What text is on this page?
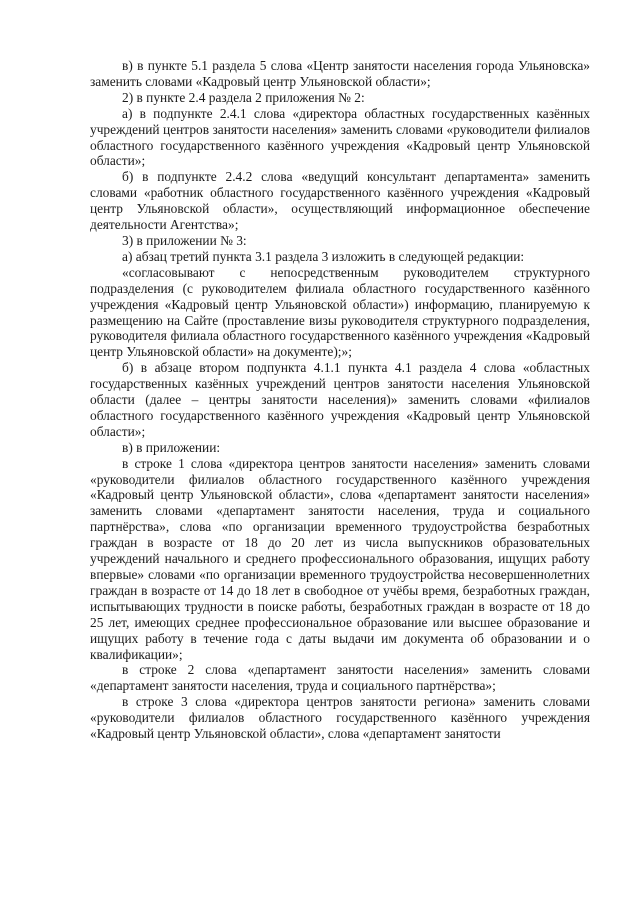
в) в пункте 5.1 раздела 5 слова «Центр занятости населения города Ульяновска» заменить словами «Кадровый центр Ульяновской области»;

2) в пункте 2.4 раздела 2 приложения № 2:

а) в подпункте 2.4.1 слова «директора областных государственных казённых учреждений центров занятости населения» заменить словами «руководители филиалов областного государственного казённого учреждения «Кадровый центр Ульяновской области»;

б) в подпункте 2.4.2 слова «ведущий консультант департамента» заменить словами «работник областного государственного казённого учреждения «Кадровый центр Ульяновской области», осуществляющий информационное обеспечение деятельности Агентства»;

3) в приложении № 3:

а) абзац третий пункта 3.1 раздела 3 изложить в следующей редакции:

«согласовывают с непосредственным руководителем структурного подразделения (с руководителем филиала областного государственного казённого учреждения «Кадровый центр Ульяновской области») информацию, планируемую к размещению на Сайте (проставление визы руководителя структурного подразделения, руководителя филиала областного государственного казённого учреждения «Кадровый центр Ульяновской области» на документе);»;

б) в абзаце втором подпункта 4.1.1 пункта 4.1 раздела 4 слова «областных государственных казённых учреждений центров занятости населения Ульяновской области (далее – центры занятости населения)» заменить словами «филиалов областного государственного казённого учреждения «Кадровый центр Ульяновской области»;

в) в приложении:

в строке 1 слова «директора центров занятости населения» заменить словами «руководители филиалов областного государственного казённого учреждения «Кадровый центр Ульяновской области», слова «департамент занятости населения» заменить словами «департамент занятости населения, труда и социального партнёрства», слова «по организации временного трудоустройства безработных граждан в возрасте от 18 до 20 лет из числа выпускников образовательных учреждений начального и среднего профессионального образования, ищущих работу впервые» словами «по организации временного трудоустройства несовершеннолетних граждан в возрасте от 14 до 18 лет в свободное от учёбы время, безработных граждан, испытывающих трудности в поиске работы, безработных граждан в возрасте от 18 до 25 лет, имеющих среднее профессиональное образование или высшее образование и ищущих работу в течение года с даты выдачи им документа об образовании и о квалификации»;

в строке 2 слова «департамент занятости населения» заменить словами «департамент занятости населения, труда и социального партнёрства»;

в строке 3 слова «директора центров занятости региона» заменить словами «руководители филиалов областного государственного казённого учреждения «Кадровый центр Ульяновской области», слова «департамент занятости
